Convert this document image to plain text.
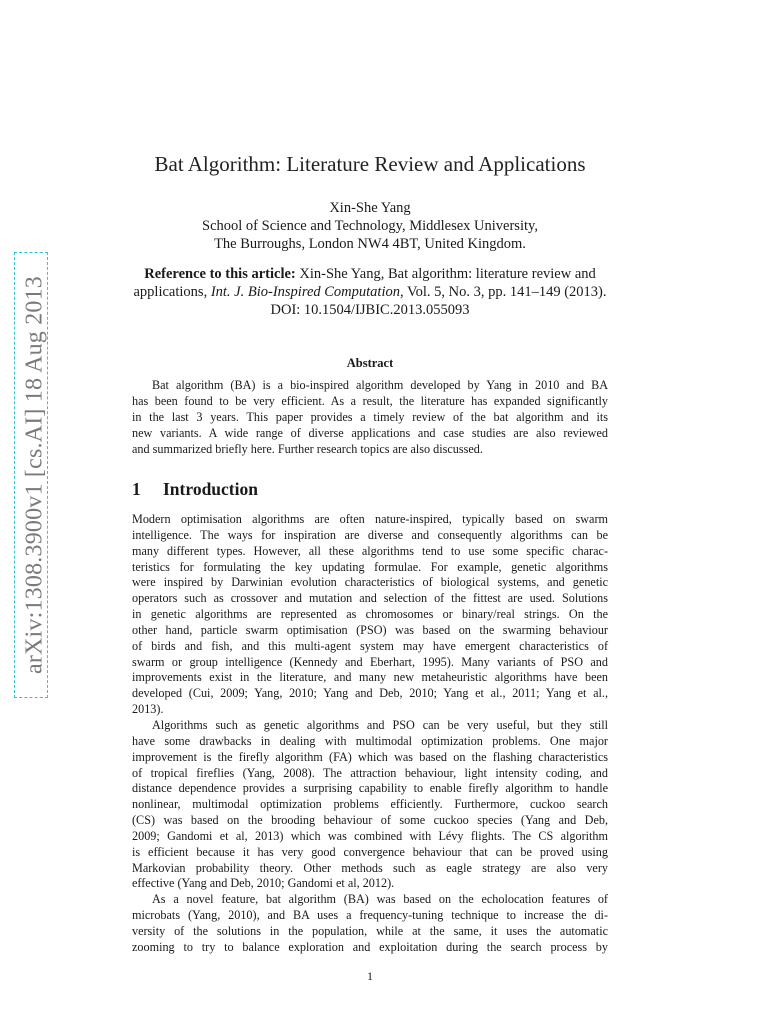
arXiv:1308.3900v1 [cs.AI] 18 Aug 2013
Bat Algorithm: Literature Review and Applications
Xin-She Yang
School of Science and Technology, Middlesex University,
The Burroughs, London NW4 4BT, United Kingdom.
Reference to this article: Xin-She Yang, Bat algorithm: literature review and
applications, Int. J. Bio-Inspired Computation, Vol. 5, No. 3, pp. 141–149 (2013).
DOI: 10.1504/IJBIC.2013.055093
Abstract
Bat algorithm (BA) is a bio-inspired algorithm developed by Yang in 2010 and BA
has been found to be very efficient. As a result, the literature has expanded significantly
in the last 3 years. This paper provides a timely review of the bat algorithm and its
new variants. A wide range of diverse applications and case studies are also reviewed
and summarized briefly here. Further research topics are also discussed.
1 Introduction
Modern optimisation algorithms are often nature-inspired, typically based on swarm
intelligence. The ways for inspiration are diverse and consequently algorithms can be
many different types. However, all these algorithms tend to use some specific charac-
teristics for formulating the key updating formulae. For example, genetic algorithms
were inspired by Darwinian evolution characteristics of biological systems, and genetic
operators such as crossover and mutation and selection of the fittest are used. Solutions
in genetic algorithms are represented as chromosomes or binary/real strings. On the
other hand, particle swarm optimisation (PSO) was based on the swarming behaviour
of birds and fish, and this multi-agent system may have emergent characteristics of
swarm or group intelligence (Kennedy and Eberhart, 1995). Many variants of PSO and
improvements exist in the literature, and many new metaheuristic algorithms have been
developed (Cui, 2009; Yang, 2010; Yang and Deb, 2010; Yang et al., 2011; Yang et al.,
2013).
Algorithms such as genetic algorithms and PSO can be very useful, but they still
have some drawbacks in dealing with multimodal optimization problems. One major
improvement is the firefly algorithm (FA) which was based on the flashing characteristics
of tropical fireflies (Yang, 2008). The attraction behaviour, light intensity coding, and
distance dependence provides a surprising capability to enable firefly algorithm to handle
nonlinear, multimodal optimization problems efficiently. Furthermore, cuckoo search
(CS) was based on the brooding behaviour of some cuckoo species (Yang and Deb,
2009; Gandomi et al, 2013) which was combined with Lévy flights. The CS algorithm
is efficient because it has very good convergence behaviour that can be proved using
Markovian probability theory. Other methods such as eagle strategy are also very
effective (Yang and Deb, 2010; Gandomi et al, 2012).
As a novel feature, bat algorithm (BA) was based on the echolocation features of
microbats (Yang, 2010), and BA uses a frequency-tuning technique to increase the di-
versity of the solutions in the population, while at the same, it uses the automatic
zooming to try to balance exploration and exploitation during the search process by
1
